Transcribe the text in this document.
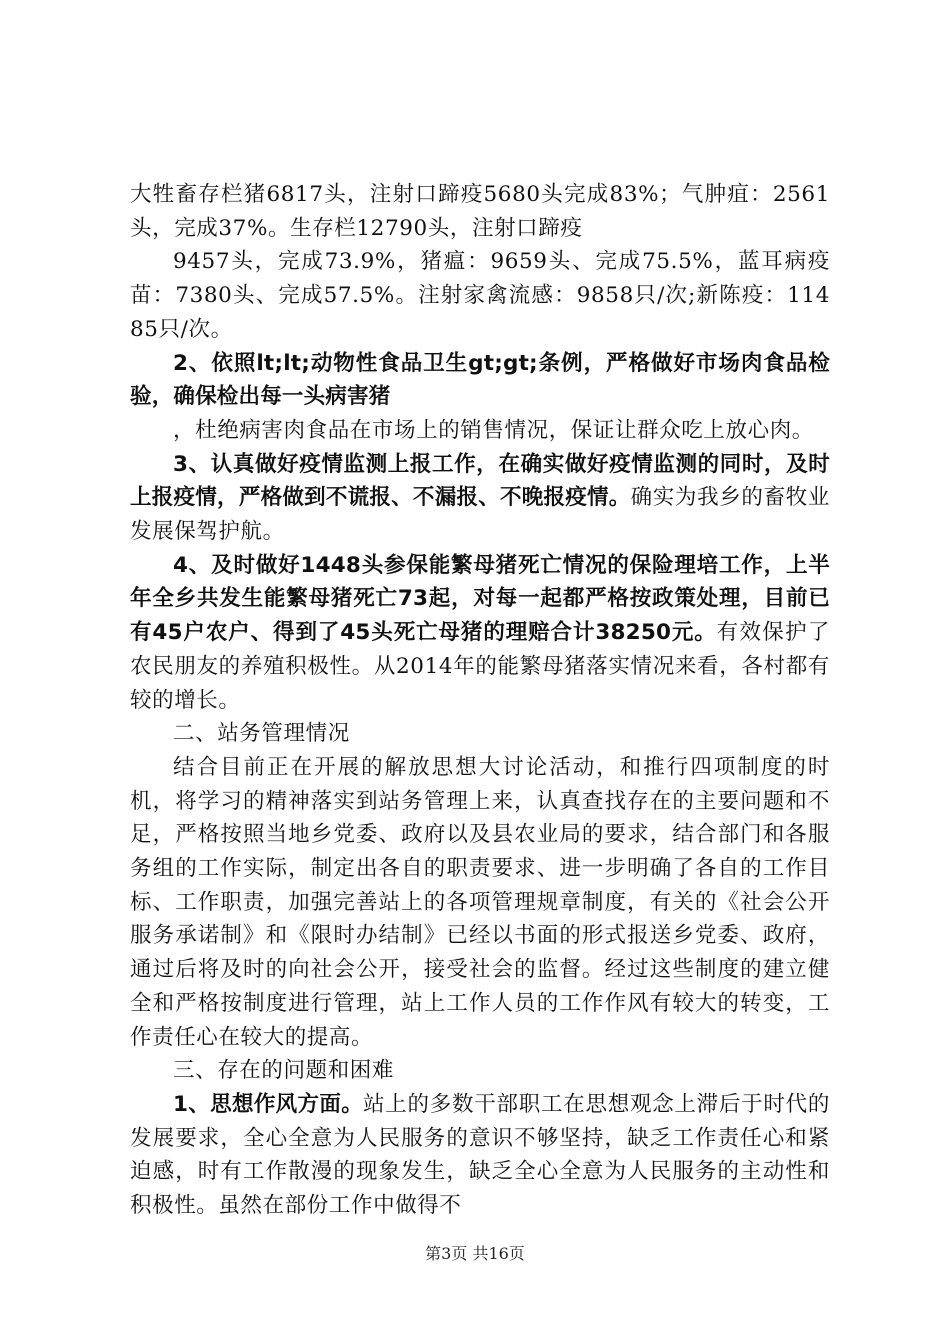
大牲畜存栏猪6817头，注射口蹄疫5680头完成83%；气肿疽：2561头，完成37%。生存栏12790头，注射口蹄疫

9457头，完成73.9%，猪瘟：9659头、完成75.5%，蓝耳病疫苗：7380头、完成57.5%。注射家禽流感：9858只/次;新陈疫：11485只/次。

2、依照lt;lt;动物性食品卫生gt;gt;条例，严格做好市场肉食品检验，确保检出每一头病害猪

，杜绝病害肉食品在市场上的销售情况，保证让群众吃上放心肉。

3、认真做好疫情监测上报工作，在确实做好疫情监测的同时，及时上报疫情，严格做到不谎报、不漏报、不晚报疫情。确实为我乡的畜牧业发展保驾护航。

4、及时做好1448头参保能繁母猪死亡情况的保险理培工作，上半年全乡共发生能繁母猪死亡73起，对每一起都严格按政策处理，目前已有45户农户、得到了45头死亡母猪的理赔合计38250元。有效保护了农民朋友的养殖积极性。从2014年的能繁母猪落实情况来看，各村都有较的增长。

二、站务管理情况

结合目前正在开展的解放思想大讨论活动，和推行四项制度的时机，将学习的精神落实到站务管理上来，认真查找存在的主要问题和不足，严格按照当地乡党委、政府以及县农业局的要求，结合部门和各服务组的工作实际，制定出各自的职责要求、进一步明确了各自的工作目标、工作职责，加强完善站上的各项管理规章制度，有关的《社会公开服务承诺制》和《限时办结制》已经以书面的形式报送乡党委、政府，通过后将及时的向社会公开，接受社会的监督。经过这些制度的建立健全和严格按制度进行管理，站上工作人员的工作作风有较大的转变，工作责任心在较大的提高。

三、存在的问题和困难

1、思想作风方面。站上的多数干部职工在思想观念上滞后于时代的发展要求，全心全意为人民服务的意识不够坚持，缺乏工作责任心和紧迫感，时有工作散漫的现象发生，缺乏全心全意为人民服务的主动性和积极性。虽然在部份工作中做得不

第3页 共16页
